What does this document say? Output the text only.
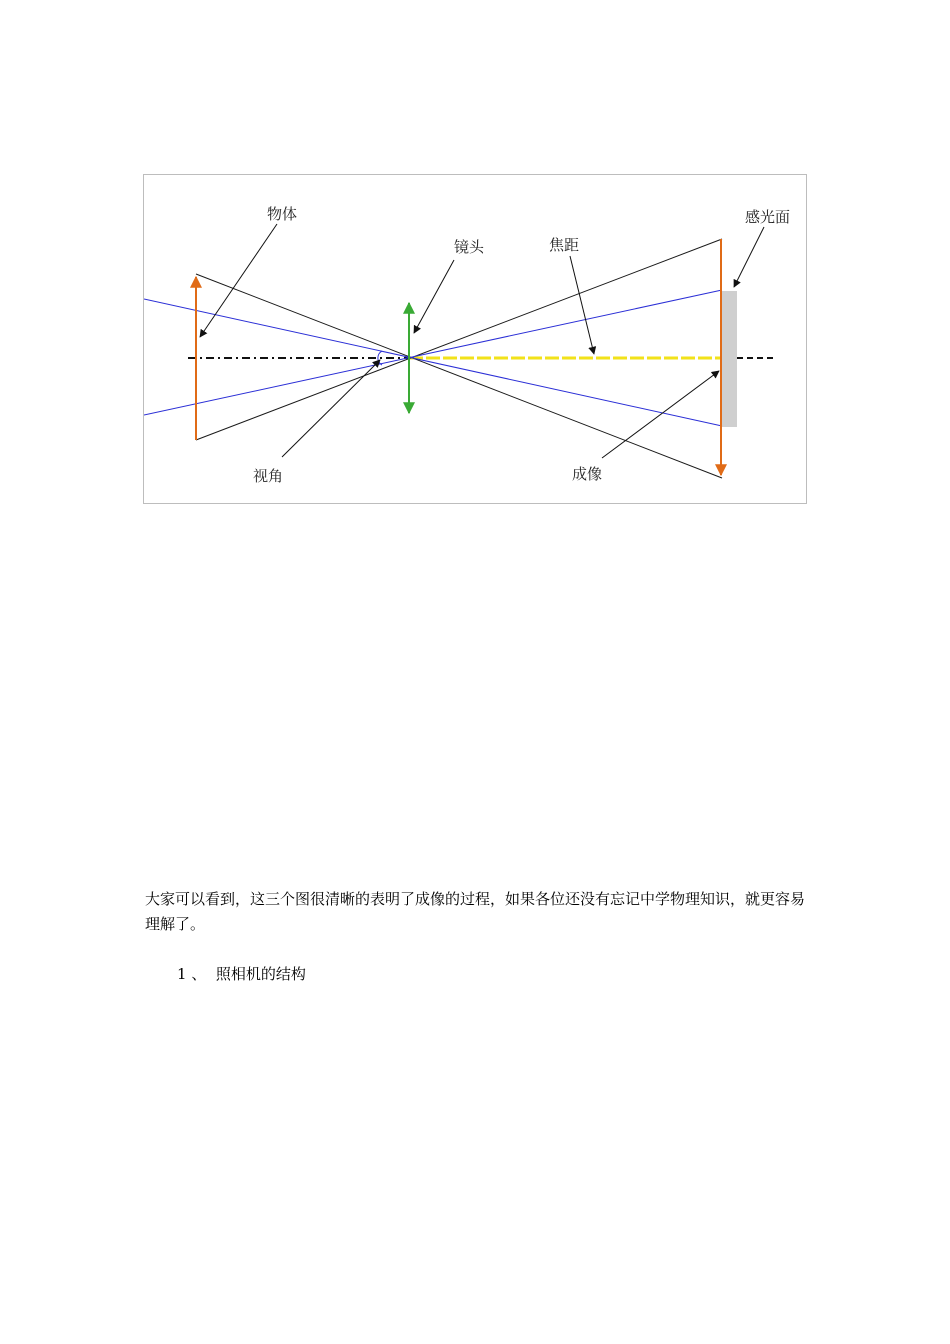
物体
镜头	焦距
感光面
视角	成像

大家可以看到，这三个图很清晰的表明了成像的过程，如果各位还没有忘记中学物理知识，就更容易理解了。

1 、 照相机的结构
